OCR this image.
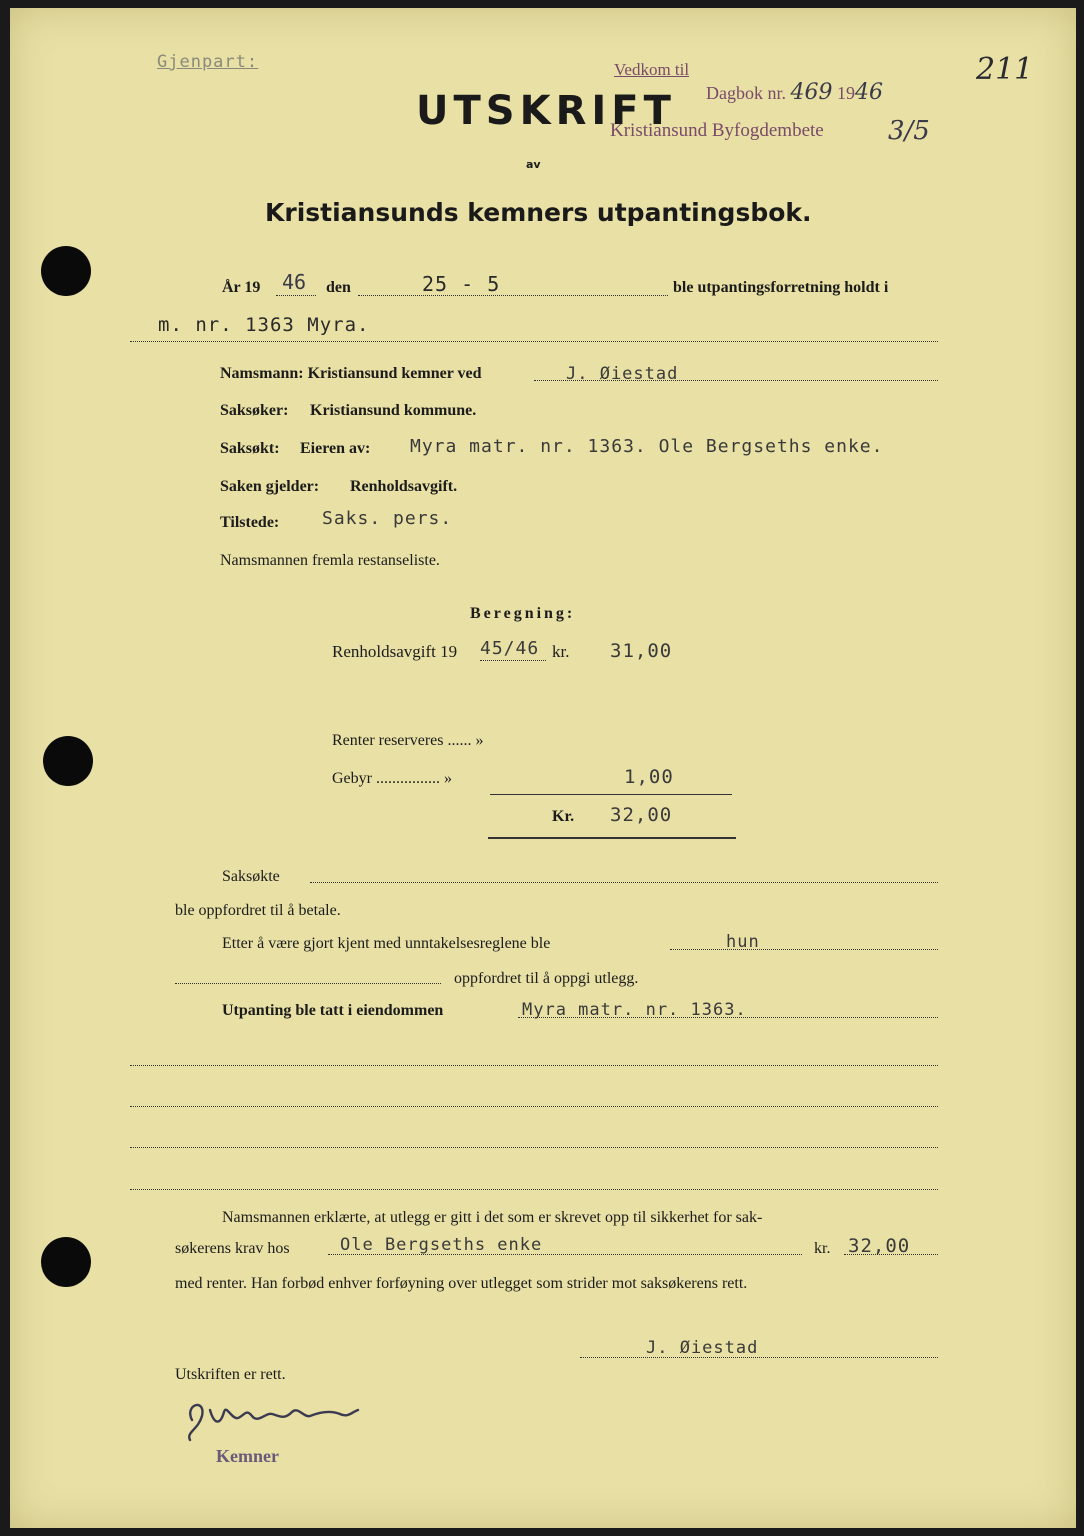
Gjenpart:	Vedkom til
Dagbok nr. 469 1946
Kristiansund Byfogdembete 3/5
211
UTSKRIFT
av
Kristiansunds kemners utpantingsbok.
År 19 46 den	25 - 5	ble utpantingsforretning holdt i
m. nr. 1363 Myra.
Namsmann: Kristiansund kemner ved	J. Øiestad
Saksøker: Kristiansund kommune.
Saksøkt: Eieren av: Myra matr. nr. 1363. Ole Bergseths enke.
Saken gjelder: Renholdsavgift.
Tilstede: Saks. pers.
Namsmannen fremla restanseliste.
Beregning:
Renholdsavgift 19 45/46 kr. 31,00
Renter reserveres ...... »
Gebyr ................ »	1,00
Kr. 32,00
Saksøkte
ble oppfordret til å betale.
Etter å være gjort kjent med unntakelsesreglene ble	hun
oppfordret til å oppgi utlegg.
Utpanting ble tatt i eiendommen	Myra matr. nr. 1363.
Namsmannen erklærte, at utlegg er gitt i det som er skrevet opp til sikkerhet for sak-
søkerens krav hos	Ole Bergseths enke	kr. 32,00
med renter. Han forbød enhver forføyning over utlegget som strider mot saksøkerens rett.
J. Øiestad
Utskriften er rett.
Kemner
